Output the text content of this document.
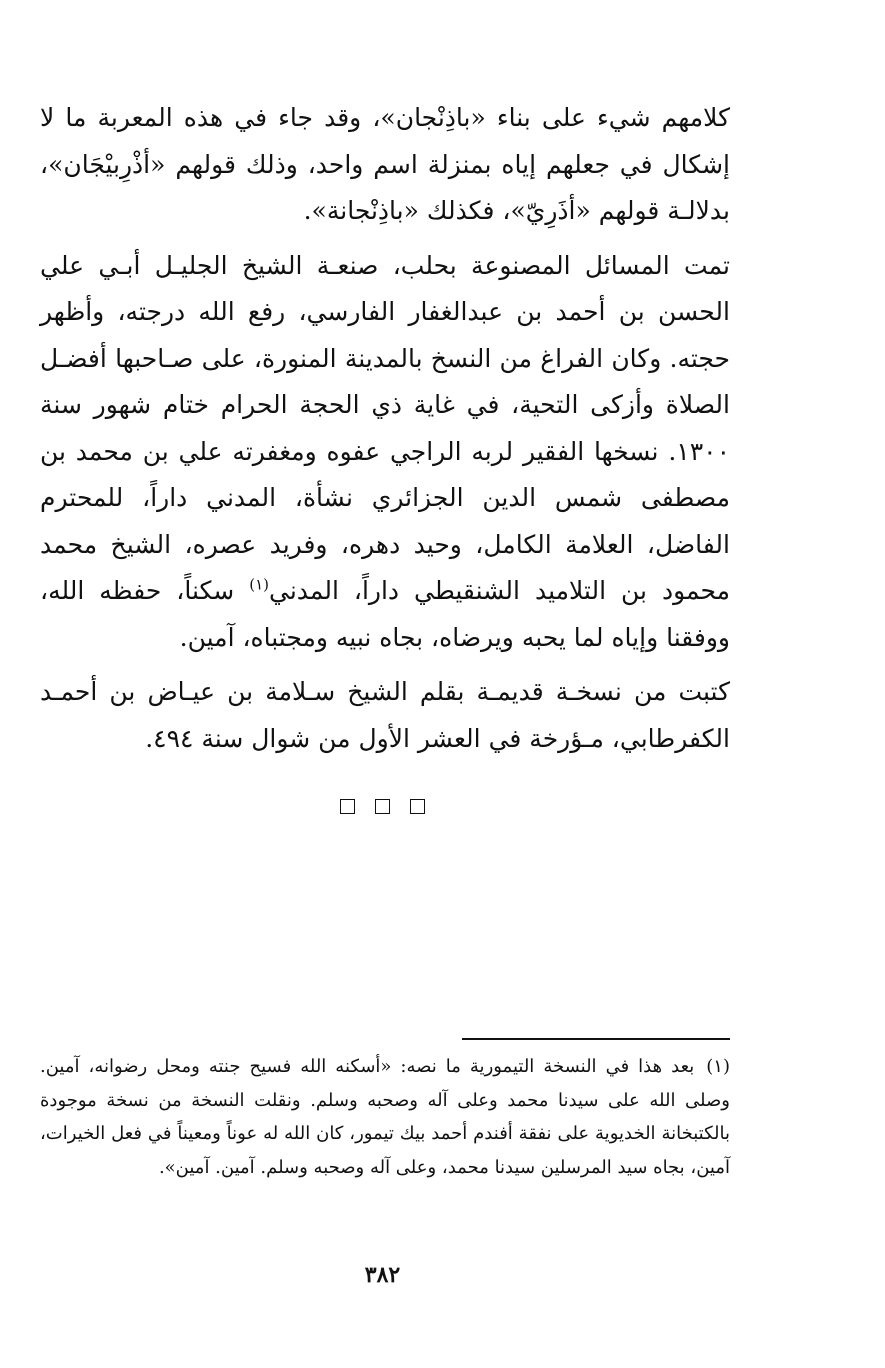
كلامهم شيء على بناء «باذِنْجان»، وقد جاء في هذه المعربة ما لا إشكال في جعلهم إياه بمنزلة اسم واحد، وذلك قولهم «أذْرِبيْجَان»، بدلالـة قولهم «أذَرِيّ»، فكذلك «باذِنْجانة».

تمت المسائل المصنوعة بحلب، صنعـة الشيخ الجليـل أبـي علي الحسن بن أحمد بن عبدالغفار الفارسي، رفع الله درجته، وأظهر حجته. وكان الفراغ من النسخ بالمدينة المنورة، على صـاحبها أفضـل الصلاة وأزكى التحية، في غاية ذي الحجة الحرام ختام شهور سنة ١٣٠٠. نسخها الفقير لربه الراجي عفوه ومغفرته علي بن محمد بن مصطفى شمس الدين الجزائري نشأة، المدني داراً، للمحترم الفاضل، العلامة الكامل، وحيد دهره، وفريد عصره، الشيخ محمد محمود بن التلاميد الشنقيطي داراً، المدني$^{(١)}$ سكناً، حفظه الله، ووفقنا وإياه لما يحبه ويرضاه، بجاه نبيه ومجتباه، آمين.

كتبت من نسخـة قديمـة بقلم الشيخ سـلامة بن عيـاض بن أحمـد الكفرطابي، مـؤرخة في العشر الأول من شوال سنة ٤٩٤.

(١)بعد هذا في النسخة التيمورية ما نصه: «أسكنه الله فسيح جنته ومحل رضوانه، آمين. وصلى الله على سيدنا محمد وعلى آله وصحبه وسلم. ونقلت النسخة من نسخة موجودة بالكتبخانة الخديوية على نفقة أفندم أحمد بيك تيمور، كان الله له عوناً ومعيناً في فعل الخيرات، آمين، بجاه سيد المرسلين سيدنا محمد، وعلى آله وصحبه وسلم. آمين. آمين».
٣٨٢
